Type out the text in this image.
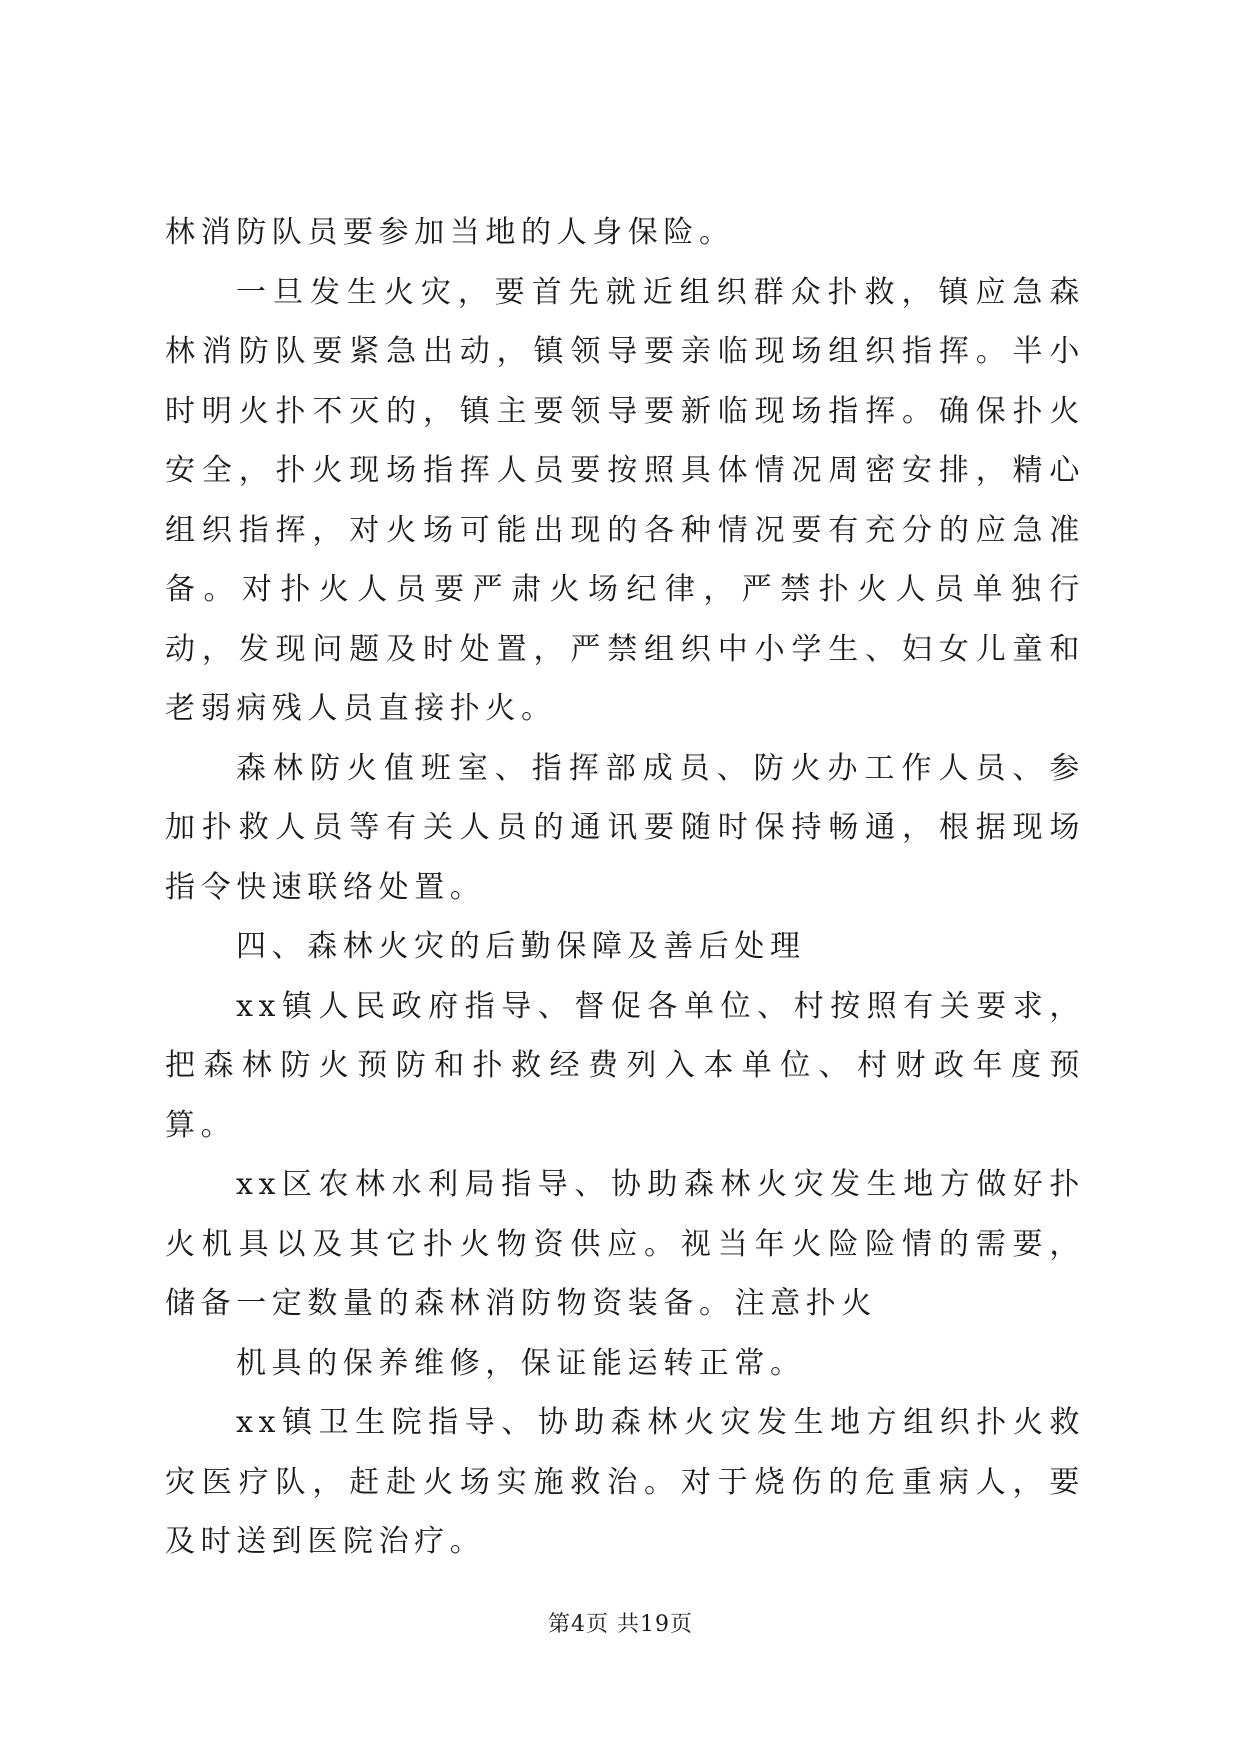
林消防队员要参加当地的人身保险。

一旦发生火灾，要首先就近组织群众扑救，镇应急森林消防队要紧急出动，镇领导要亲临现场组织指挥。半小时明火扑不灭的，镇主要领导要新临现场指挥。确保扑火安全，扑火现场指挥人员要按照具体情况周密安排，精心组织指挥，对火场可能出现的各种情况要有充分的应急准备。对扑火人员要严肃火场纪律，严禁扑火人员单独行动，发现问题及时处置，严禁组织中小学生、妇女儿童和老弱病残人员直接扑火。

森林防火值班室、指挥部成员、防火办工作人员、参加扑救人员等有关人员的通讯要随时保持畅通，根据现场指令快速联络处置。

四、森林火灾的后勤保障及善后处理

xx镇人民政府指导、督促各单位、村按照有关要求，把森林防火预防和扑救经费列入本单位、村财政年度预算。

xx区农林水利局指导、协助森林火灾发生地方做好扑火机具以及其它扑火物资供应。视当年火险险情的需要，储备一定数量的森林消防物资装备。注意扑火

机具的保养维修，保证能运转正常。

xx镇卫生院指导、协助森林火灾发生地方组织扑火救灾医疗队，赶赴火场实施救治。对于烧伤的危重病人，要及时送到医院治疗。

第4页 共19页
